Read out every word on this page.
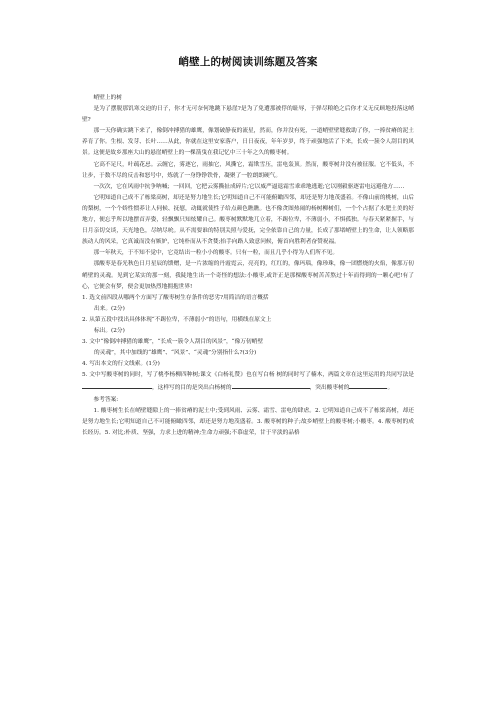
峭壁上的树阅读训练题及答案

峭壁上的树

是为了摆脱那饥寒交迫的日子，你才无可奈何地跳下悬崖?是为了免遭那被俘的耻辱，于弹尽粮绝之后你才义无反顾地投落这峭壁?

那一天你确实跳下来了，像倒冲搏猎的雄鹰，像划破静夜的流星，然而，你并没有死，一道峭壁壁缝救助了你，一捧贫瘠的泥土养育了你。生根、发芽、长叶……从此，你就在这里安家落户，日日夜夜，年年岁岁，终于顽强地活了下来，长成一簇令人刮目的风景。这便是故乡那座大山的悬崖峭壁上的一棵箭曳在我记忆中三十年之久的酸枣树。

它高不足尺，叶疏花忌。云缠它，雾逐它，雨抽它，风撕它，霜欺雪压，雷电轰顶。然而，酸枣树并没有被征服。它不低头，不让步，于数不尽的反击和怒号中，炼就了一身铮铮铁骨，凝聚了一腔朗朗硬气。

一次次，它在风雨中抗争呐喊；一回回，它把云雾撕扯成碎片;它以威严逼退霜雪乖乖地逃逝;它以刚毅驱逐雷电远避他方……

它明知道自己成不了栋梁高树，却还是努力地生长;它明知道自己不可能俯瞰四邻，却还是努力地茂盛着。不像山前的桃树，山后的梨树，一个个娇性惯养让人伺候、抚慰，动辄就使性子给点颜色瞧瞧。也不像贪图热闹的杨树柳树们，一个个占据了水肥土美的好地方，便忘乎所以地摆首弄姿，轻飘飘只知炫耀自己。酸枣树默默地兀立着，不踢位卑，不薄弱小，不惧孤独。与春天紧紧握手，与日月亲切交谈，天光地色，尽纳尽吮。从不需要谁的特别关照与爱抚，完全依靠自己的力量，长成了那堵峭壁上的生命，让人领略那族动人的风采，它真诚而没有嫉妒，它纯朴而从不贪婪;抬手向路人致意问候，俯首向胜利者奋赞祝福。

那一年秋天，于不知不觉中，它竟结出一粒小小的酸枣。只有一粒，而且几乎小得为人们所不见。

那酸枣是春光秋色日月星辰的馈赠，是一片浓缩的丹霞霓云，亮亮的，红红的，像玛瑙，像珍珠，像一团燃烧的火焰，像那万仞峭壁的灵魂。见到它某实的那一刻，我陡地生出一个奇怪的想法:小酸枣,或许正是那棵酸枣树苦苦熬过十年而得到的一颗心吧!有了心，它便会有梦，便会更加热烈地拥抱世界!

1. 选文前四段从哪两个方面写了酸枣树生存条件的恶劣?用简洁的语言概括

出来。(2分)

2. 从第五段中找出具体体现“不踢位卑，不薄弱小”的语句，用横线在原文上

标出。(2分)

3. 文中“像倒冲搏猎的雄鹰”，“长成一簇令人刮目的风景”，“像万仞峭壁

的灵魂”，其中加线的“雄鹰”、“风景”、“灵魂”分别指什么?(3分)

4. 写出本文的行文线索。(1分)

5. 文中写酸枣树的同时，写了桃李杨柳四种树;课文《白杨礼赞》也在写白杨 树的同时写了楠木，两篇文章在这里运用的共同写法是，这样写的目的是突出白杨树的	，突出酸枣树的	。

参考答案:

1. 酸枣树生长在峭壁缝隙上的一捧贫瘠的泥土中;受到风雨、云雾、霜雪、雷电的肆虐。2. 它明知道自己成不了栋梁高树，却还是努力地生长;它明知道自己不可能俯瞰四邻，却还是努力地茂盛着。3. 酸枣树的种子;故乡峭壁上的酸枣树;小酸枣。4. 酸枣树的成长经历。5. 对比;朴质、坚强，力求上进的精神;生命力顽强;不慕虚荣，甘于平淡的品格
